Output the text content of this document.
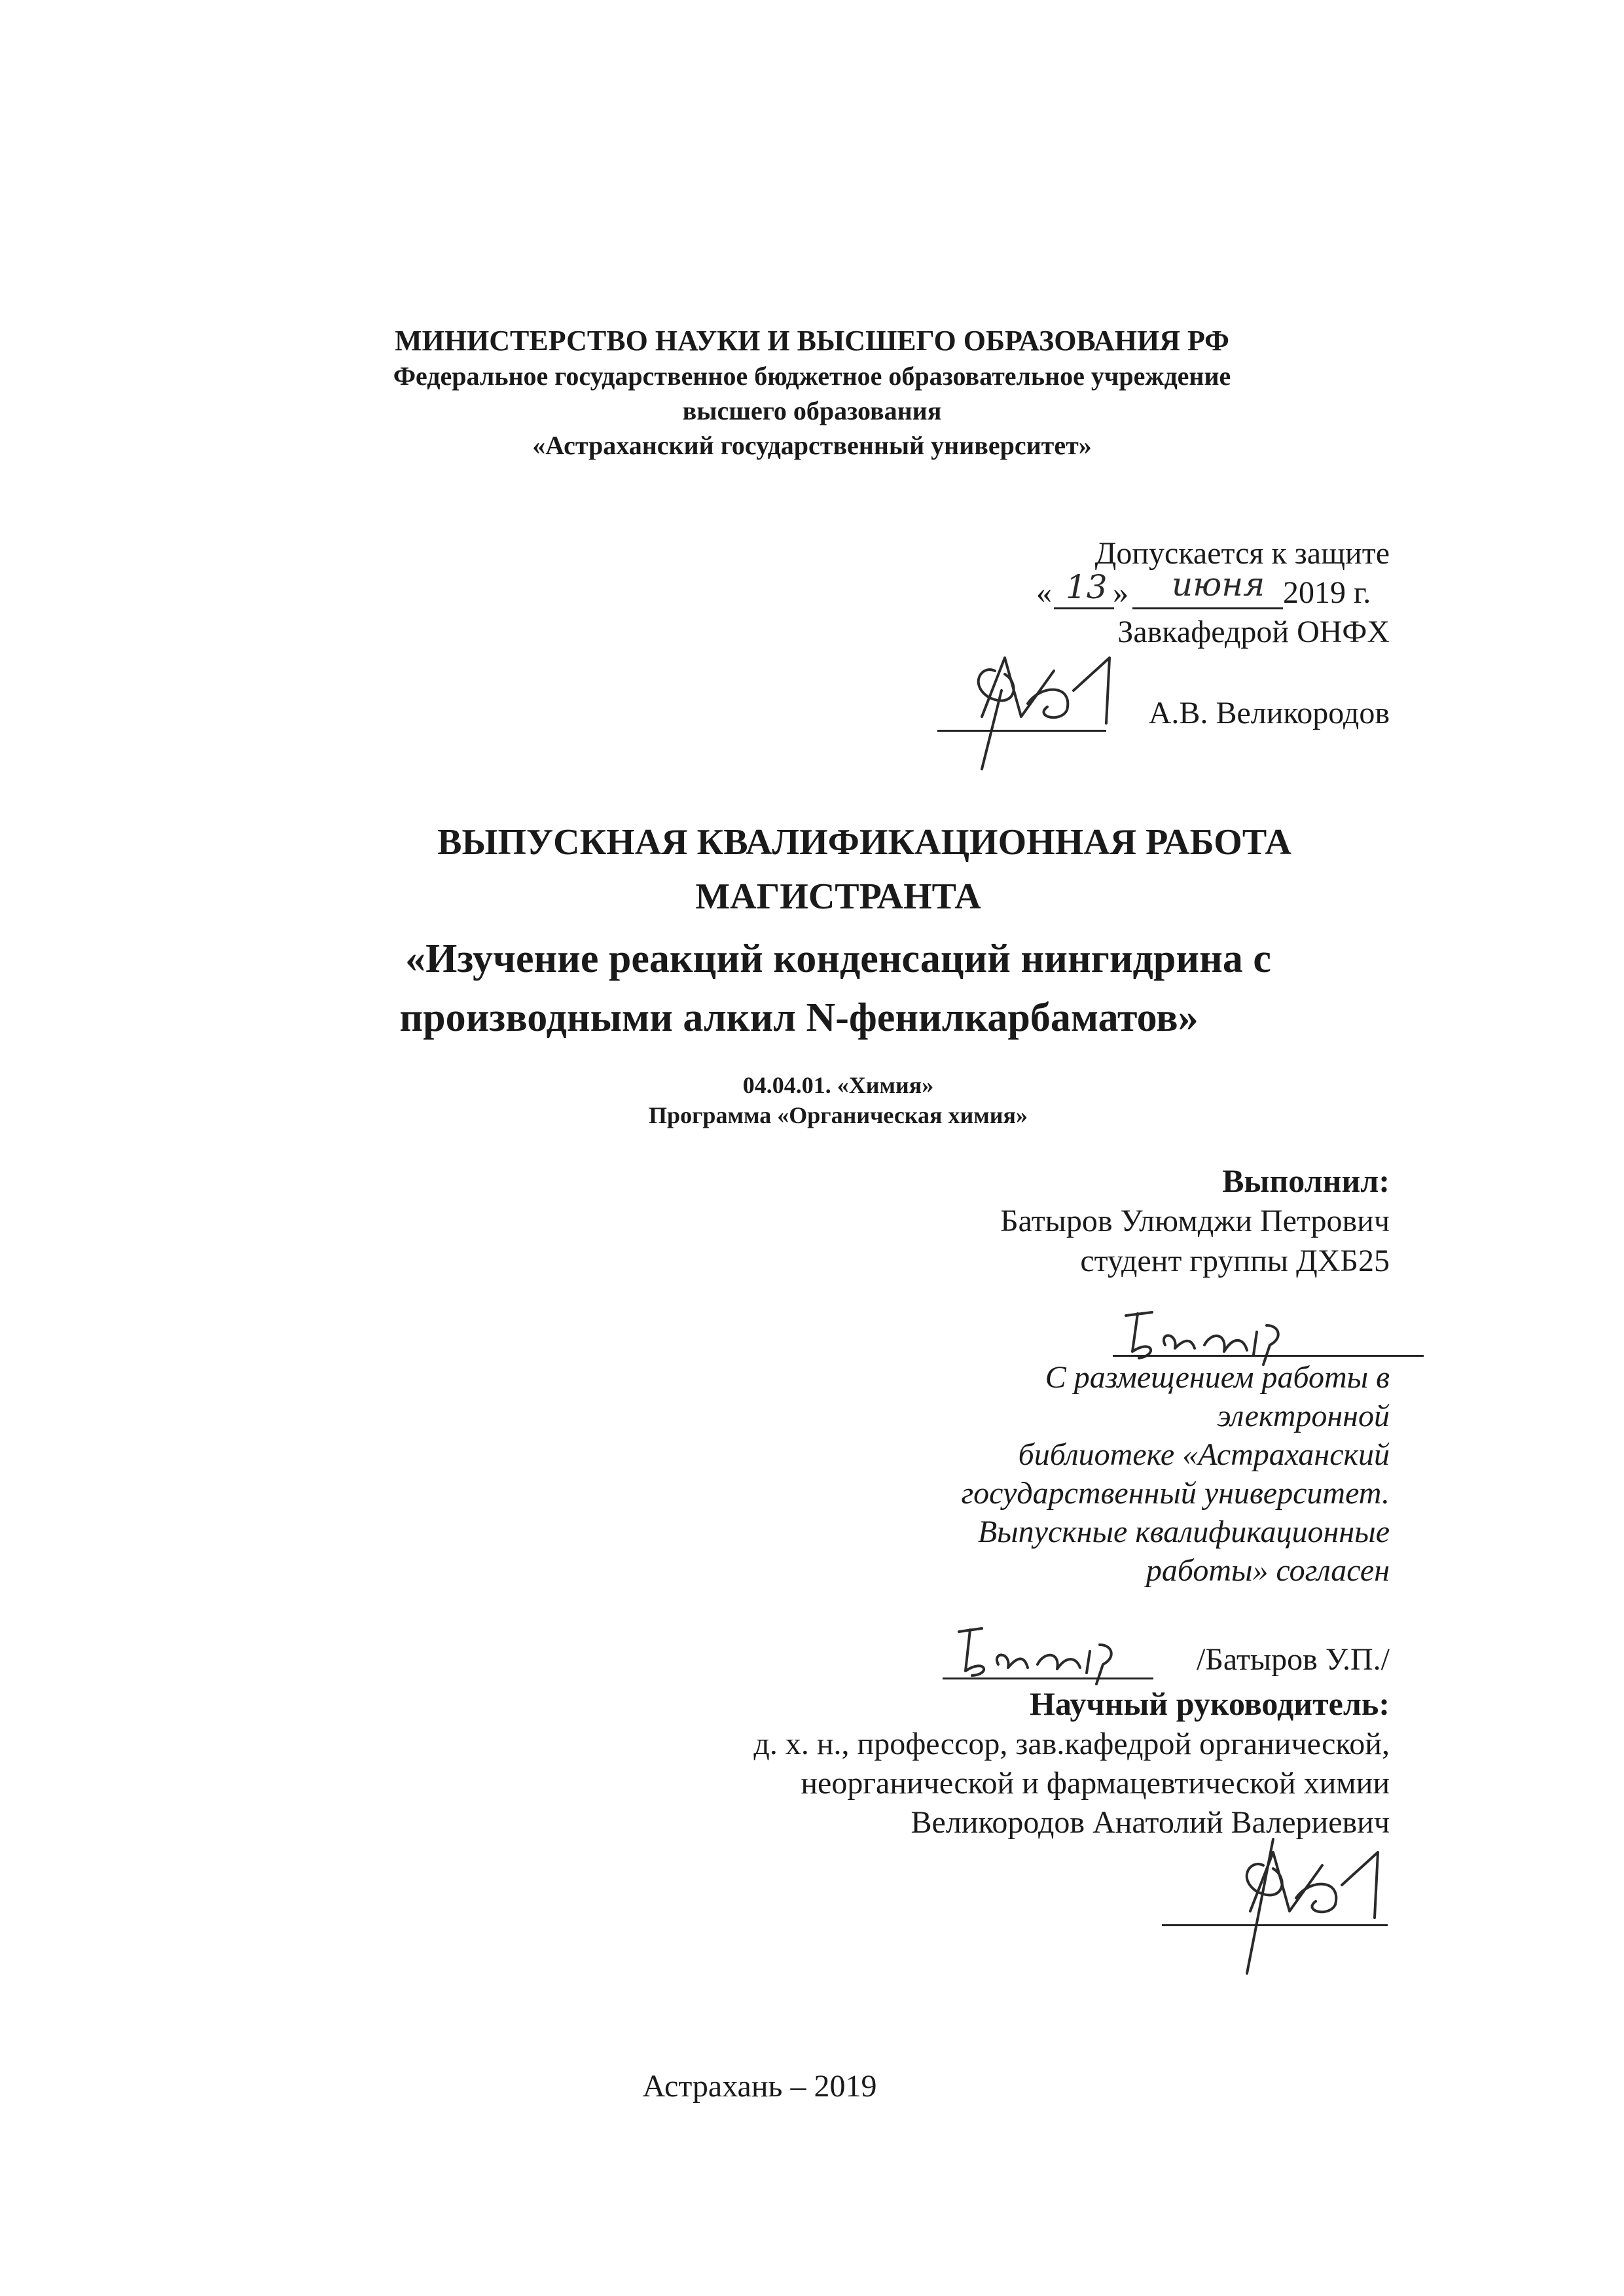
МИНИСТЕРСТВО НАУКИ И ВЫСШЕГО ОБРАЗОВАНИЯ РФ
Федеральное государственное бюджетное образовательное учреждение
высшего образования
«Астраханский государственный университет»
Допускается к защите
« 13 » июня 2019 г.
Завкафедрой ОНФХ
А.В. Великородов
ВЫПУСКНАЯ КВАЛИФИКАЦИОННАЯ РАБОТА
МАГИСТРАНТА
«Изучение реакций конденсаций нингидрина с
производными алкил N-фенилкарбаматов»
04.04.01. «Химия»
Программа «Органическая химия»
Выполнил:
Батыров Улюмджи Петрович
студент группы ДХБ25
С размещением работы в
электронной
библиотеке «Астраханский
государственный университет.
Выпускные квалификационные
работы» согласен
/Батыров У.П./
Научный руководитель:
д. х. н., профессор, зав.кафедрой органической,
неорганической и фармацевтической химии
Великородов Анатолий Валериевич
Астрахань – 2019
